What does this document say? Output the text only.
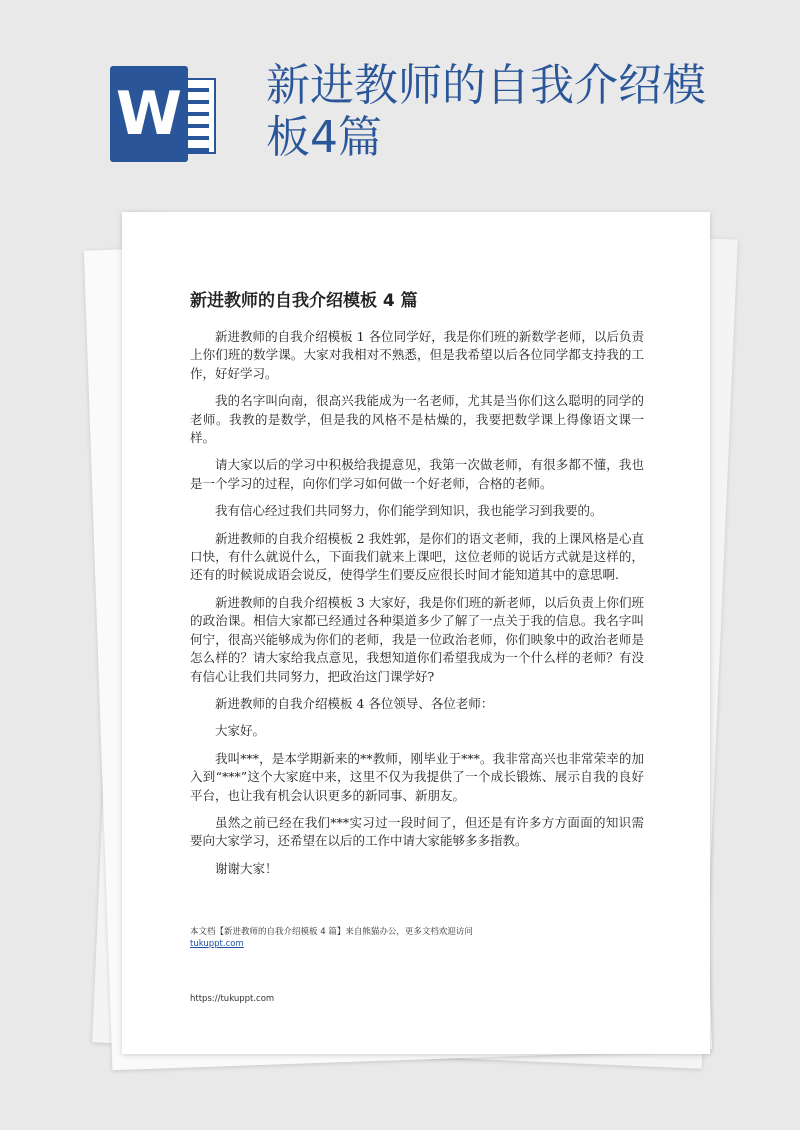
W 新进教师的自我介绍模板4篇
新进教师的自我介绍模板 4 篇

新进教师的自我介绍模板 1 各位同学好，我是你们班的新数学老师，以后负责上你们班的数学课。大家对我相对不熟悉，但是我希望以后各位同学都支持我的工作，好好学习。

我的名字叫向南，很高兴我能成为一名老师，尤其是当你们这么聪明的同学的老师。我教的是数学，但是我的风格不是枯燥的，我要把数学课上得像语文课一样。

请大家以后的学习中积极给我提意见，我第一次做老师，有很多都不懂，我也是一个学习的过程，向你们学习如何做一个好老师，合格的老师。

我有信心经过我们共同努力，你们能学到知识，我也能学习到我要的。

新进教师的自我介绍模板 2 我姓郭，是你们的语文老师，我的上课风格是心直口快，有什么就说什么，下面我们就来上课吧，这位老师的说话方式就是这样的，还有的时候说成语会说反，使得学生们要反应很长时间才能知道其中的意思啊.

新进教师的自我介绍模板 3 大家好，我是你们班的新老师，以后负责上你们班的政治课。相信大家都已经通过各种渠道多少了解了一点关于我的信息。我名字叫何宁，很高兴能够成为你们的老师，我是一位政治老师，你们映象中的政治老师是怎么样的？请大家给我点意见，我想知道你们希望我成为一个什么样的老师？有没有信心让我们共同努力，把政治这门课学好?

新进教师的自我介绍模板 4 各位领导、各位老师：

大家好。

我叫***，是本学期新来的**教师，刚毕业于***。我非常高兴也非常荣幸的加入到“***”这个大家庭中来，这里不仅为我提供了一个成长锻炼、展示自我的良好平台，也让我有机会认识更多的新同事、新朋友。

虽然之前已经在我们***实习过一段时间了，但还是有许多方方面面的知识需要向大家学习，还希望在以后的工作中请大家能够多多指教。

谢谢大家！

本文档【新进教师的自我介绍模板 4 篇】来自熊猫办公，更多文档欢迎访问
tukuppt.com
https://tukuppt.com
